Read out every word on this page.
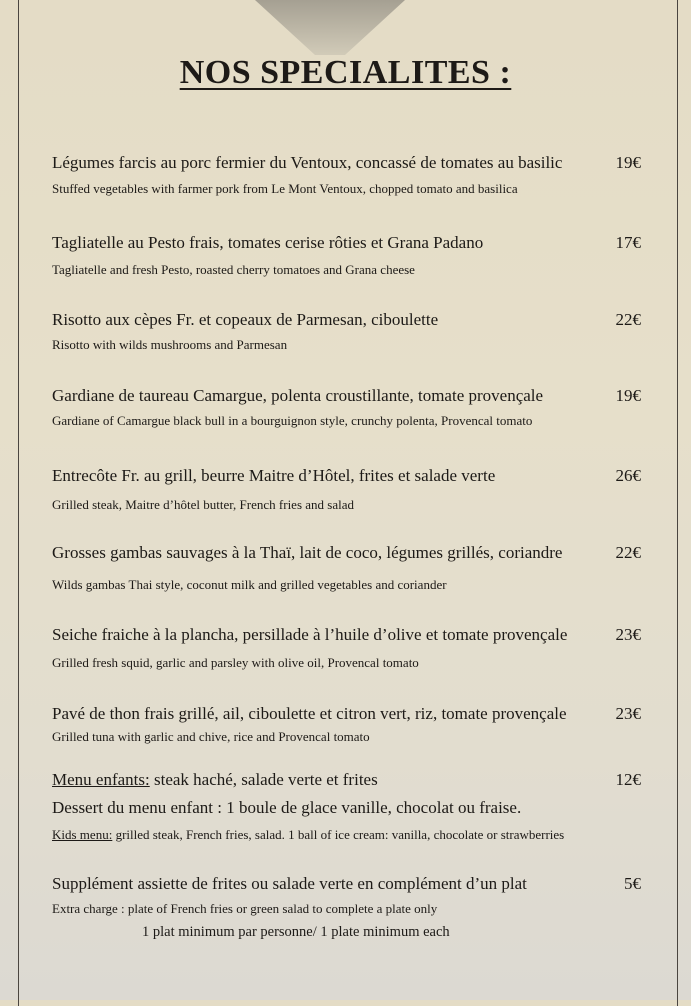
NOS SPECIALITES :
Légumes farcis au porc fermier du Ventoux, concassé de tomates au basilic	19€
Stuffed vegetables with farmer pork from Le Mont Ventoux, chopped tomato and basilica
Tagliatelle au Pesto frais, tomates cerise rôties et Grana Padano	17€
Tagliatelle and fresh Pesto, roasted cherry tomatoes and Grana cheese
Risotto aux cèpes Fr. et copeaux de Parmesan, ciboulette	22€
Risotto with wilds mushrooms and Parmesan
Gardiane de taureau Camargue, polenta croustillante, tomate provençale	19€
Gardiane of Camargue black bull in a bourguignon style, crunchy polenta, Provencal tomato
Entrecôte Fr. au grill, beurre Maitre d’Hôtel, frites et salade verte	26€
Grilled steak, Maitre d’hôtel butter, French fries and salad
Grosses gambas sauvages à la Thaï, lait de coco, légumes grillés, coriandre	22€
Wilds gambas Thai style, coconut milk and grilled vegetables and coriander
Seiche fraiche à la plancha, persillade à l’huile d’olive et tomate provençale	23€
Grilled fresh squid, garlic and parsley with olive oil, Provencal tomato
Pavé de thon frais grillé, ail, ciboulette et citron vert, riz, tomate provençale	23€
Grilled tuna with garlic and chive, rice and Provencal tomato
Menu enfants: steak haché, salade verte et frites	12€
Dessert du menu enfant : 1 boule de glace vanille, chocolat ou fraise.
Kids menu: grilled steak, French fries, salad. 1 ball of ice cream: vanilla, chocolate or strawberries
Supplément assiette de frites ou salade verte en complément d’un plat	5€
Extra charge : plate of French fries or green salad to complete a plate only
1 plat minimum par personne/ 1 plate minimum each
